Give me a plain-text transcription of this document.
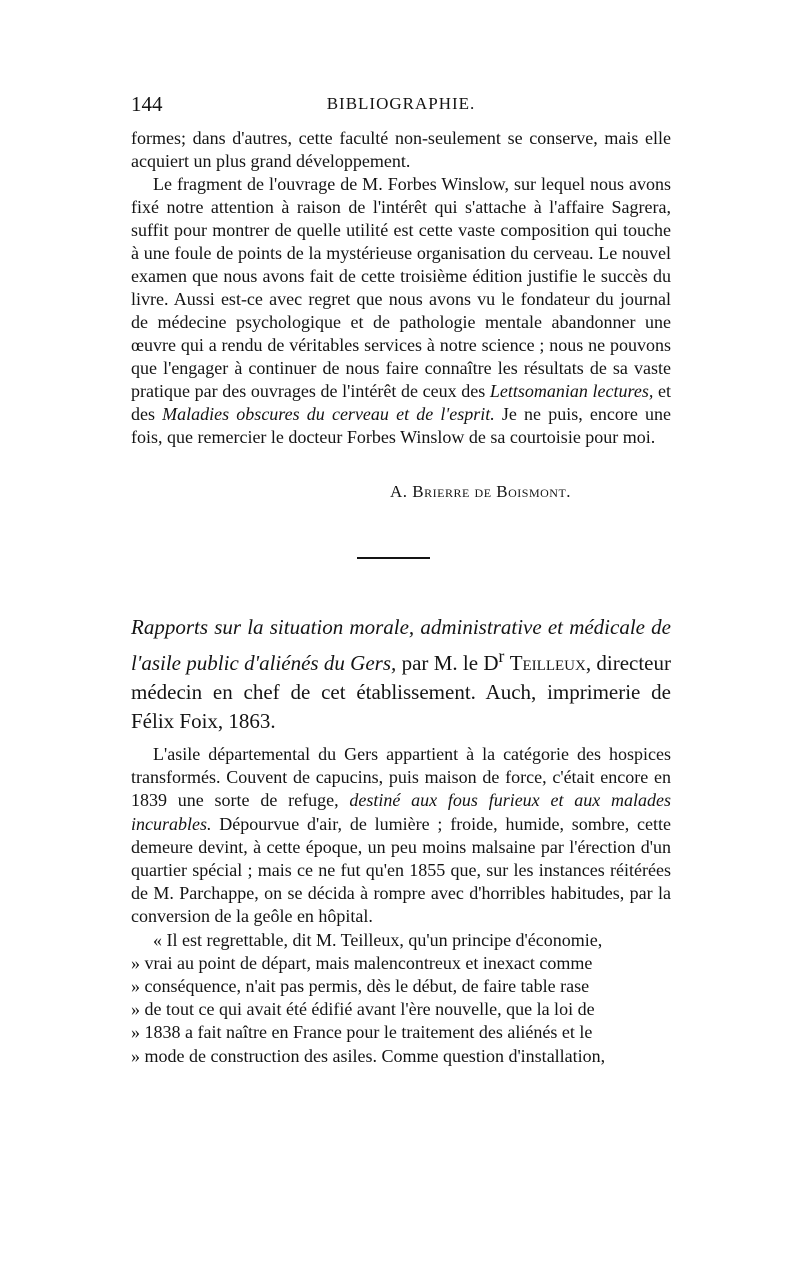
144	BIBLIOGRAPHIE.

formes; dans d'autres, cette faculté non-seulement se conserve, mais elle acquiert un plus grand développement.

Le fragment de l'ouvrage de M. Forbes Winslow, sur lequel nous avons fixé notre attention à raison de l'intérêt qui s'attache à l'affaire Sagrera, suffit pour montrer de quelle utilité est cette vaste composition qui touche à une foule de points de la mystérieuse organisation du cerveau. Le nouvel examen que nous avons fait de cette troisième édition justifie le succès du livre. Aussi est-ce avec regret que nous avons vu le fondateur du journal de médecine psychologique et de pathologie mentale abandonner une œuvre qui a rendu de véritables services à notre science ; nous ne pouvons que l'engager à continuer de nous faire connaître les résultats de sa vaste pratique par des ouvrages de l'intérêt de ceux des Lettsomanian lectures, et des Maladies obscures du cerveau et de l'esprit. Je ne puis, encore une fois, que remercier le docteur Forbes Winslow de sa courtoisie pour moi.

A. Brierre de Boismont.
Rapports sur la situation morale, administrative et médicale de l'asile public d'aliénés du Gers, par M. le $D^r$ Teilleux, directeur médecin en chef de cet établissement. Auch, imprimerie de Félix Foix, 1863.

L'asile départemental du Gers appartient à la catégorie des hospices transformés. Couvent de capucins, puis maison de force, c'était encore en 1839 une sorte de refuge, destiné aux fous furieux et aux malades incurables. Dépourvue d'air, de lumière ; froide, humide, sombre, cette demeure devint, à cette époque, un peu moins malsaine par l'érection d'un quartier spécial ; mais ce ne fut qu'en 1855 que, sur les instances réitérées de M. Parchappe, on se décida à rompre avec d'horribles habitudes, par la conversion de la geôle en hôpital.

« Il est regrettable, dit M. Teilleux, qu'un principe d'économie,
» vrai au point de départ, mais malencontreux et inexact comme
» conséquence, n'ait pas permis, dès le début, de faire table rase
» de tout ce qui avait été édifié avant l'ère nouvelle, que la loi de
» 1838 a fait naître en France pour le traitement des aliénés et le
» mode de construction des asiles. Comme question d'installation,
